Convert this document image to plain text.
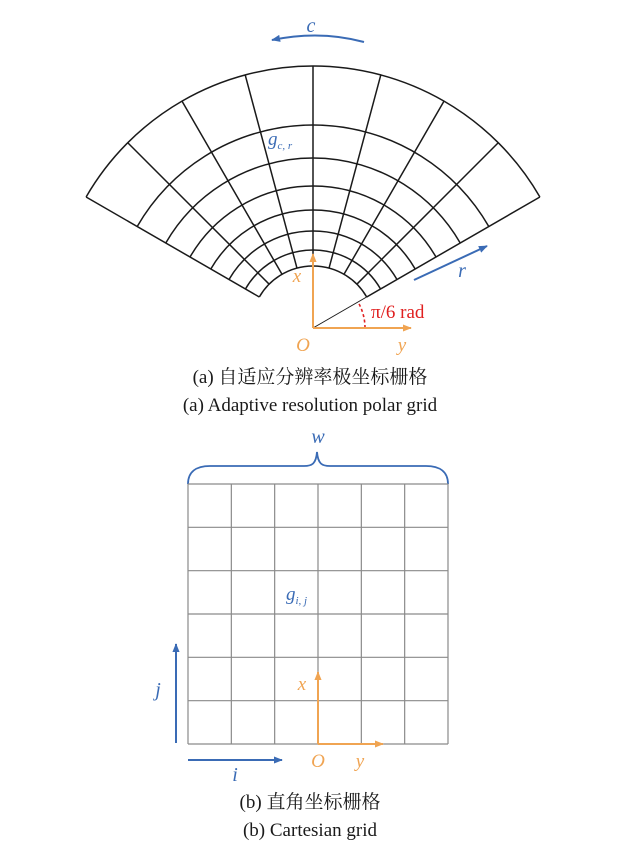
c
r
$g_{c, r}$
π/6 rad
x
y
O
(a) 自适应分辨率极坐标栅格
(a) Adaptive resolution polar grid
w
$g_{i, j}$
x
y
O
i
j
(b) 直角坐标栅格
(b) Cartesian grid
